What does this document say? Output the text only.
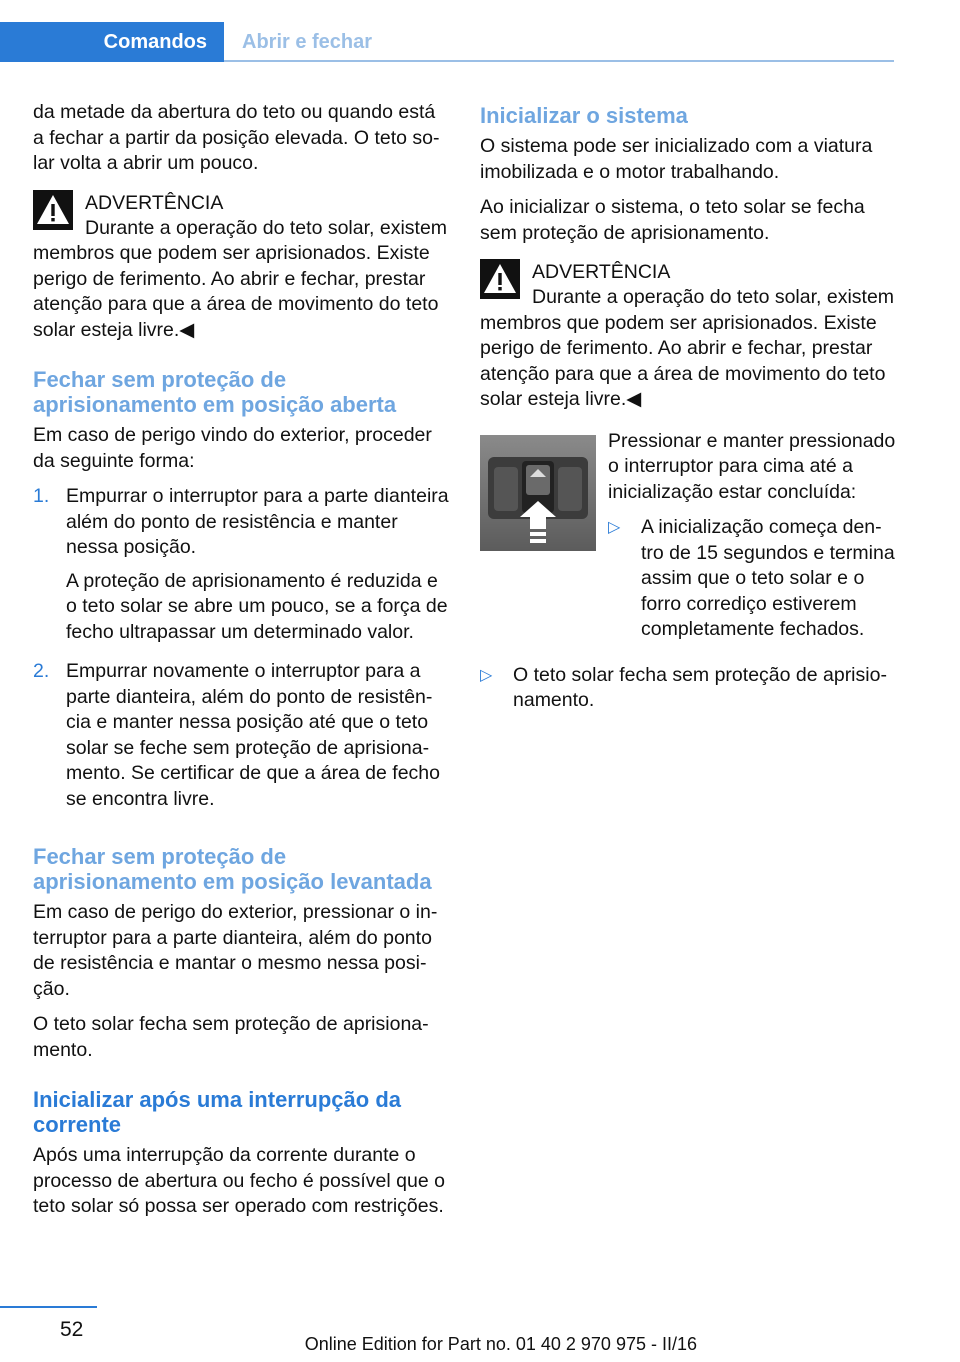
Comandos Abrir e fechar

da metade da abertura do teto ou quando está a fechar a partir da posição elevada. O teto solar volta a abrir um pouco.

ADVERTÊNCIA
Durante a operação do teto solar, existem membros que podem ser aprisionados. Existe perigo de ferimento. Ao abrir e fechar, prestar atenção para que a área de movimento do teto solar esteja livre.◀
Fechar sem proteção de aprisionamento em posição aberta

Em caso de perigo vindo do exterior, proceder da seguinte forma:

1. Empurrar o interruptor para a parte dianteira além do ponto de resistência e manter nessa posição.

A proteção de aprisionamento é reduzida e o teto solar se abre um pouco, se a força de fecho ultrapassar um determinado valor.

2. Empurrar novamente o interruptor para a parte dianteira, além do ponto de resistência e manter nessa posição até que o teto solar se feche sem proteção de aprisionamento. Se certificar de que a área de fecho se encontra livre.

Fechar sem proteção de aprisionamento em posição levantada

Em caso de perigo do exterior, pressionar o interruptor para a parte dianteira, além do ponto de resistência e mantar o mesmo nessa posição.

O teto solar fecha sem proteção de aprisionamento.

Inicializar após uma interrupção da corrente

Após uma interrupção da corrente durante o processo de abertura ou fecho é possível que o teto solar só possa ser operado com restrições.

Inicializar o sistema

O sistema pode ser inicializado com a viatura imobilizada e o motor trabalhando.

Ao inicializar o sistema, o teto solar se fecha sem proteção de aprisionamento.

ADVERTÊNCIA
Durante a operação do teto solar, existem membros que podem ser aprisionados. Existe perigo de ferimento. Ao abrir e fechar, prestar atenção para que a área de movimento do teto solar esteja livre.◀

Pressionar e manter pressionado o interruptor para cima até a inicialização estar concluída:

▷	A inicialização começa dentro de 15 segundos e termina assim que o teto solar e o forro corrediço estiverem completamente fechados.
▷	O teto solar fecha sem proteção de aprisionamento.
52
Online Edition for Part no. 01 40 2 970 975 - II/16
